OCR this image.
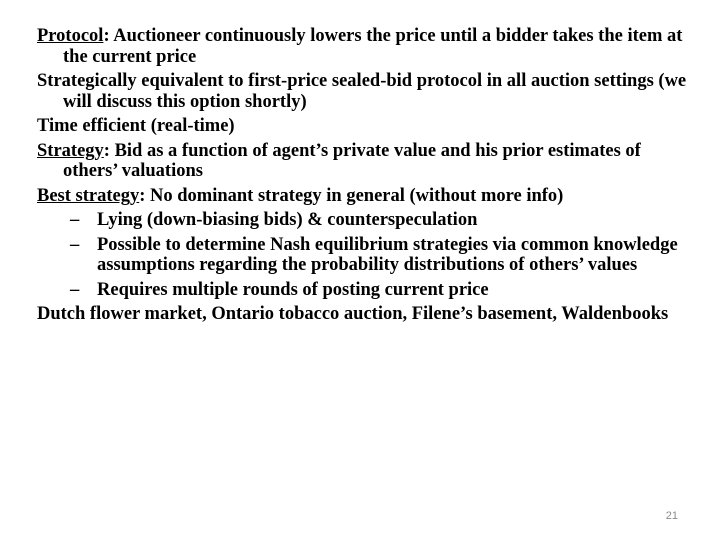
Protocol: Auctioneer continuously lowers the price until a bidder takes the item at the current price

Strategically equivalent to first-price sealed-bid protocol in all auction settings (we will discuss this option shortly)

Time efficient (real-time)

Strategy: Bid as a function of agent’s private value and his prior estimates of others’ valuations

Best strategy: No dominant strategy in general (without more info)

– Lying (down-biasing bids) & counterspeculation

– Possible to determine Nash equilibrium strategies via common knowledge assumptions regarding the probability distributions of others’ values

– Requires multiple rounds of posting current price

Dutch flower market, Ontario tobacco auction, Filene’s basement, Waldenbooks

21
